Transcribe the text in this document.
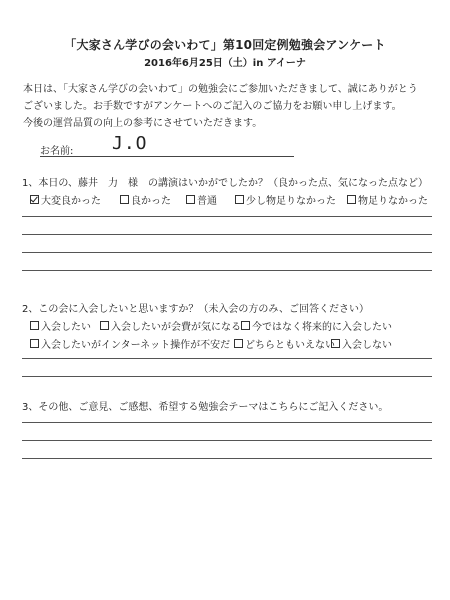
「大家さん学びの会いわて」第10回定例勉強会アンケート
2016年6月25日（土）in アイーナ
本日は、「大家さん学びの会いわて」の勉強会にご参加いただきまして、誠にありがとう
ございました。お手数ですがアンケートへのご記入のご協力をお願い申し上げます。
今後の運営品質の向上の参考にさせていただきます。
お名前: J.O
1、本日の、藤井　力　様　の講演はいかがでしたか？（良かった点、気になった点など）
大変良かった	良かった	普通	少し物足りなかった 物足りなかった
2、この会に入会したいと思いますか？（未入会の方のみ、ご回答ください）
入会したい 入会したいが会費が気になる 今ではなく将来的に入会したい
入会したいがインターネット操作が不安だ どちらともいえない 入会しない
3、その他、ご意見、ご感想、希望する勉強会テーマはこちらにご記入ください。
